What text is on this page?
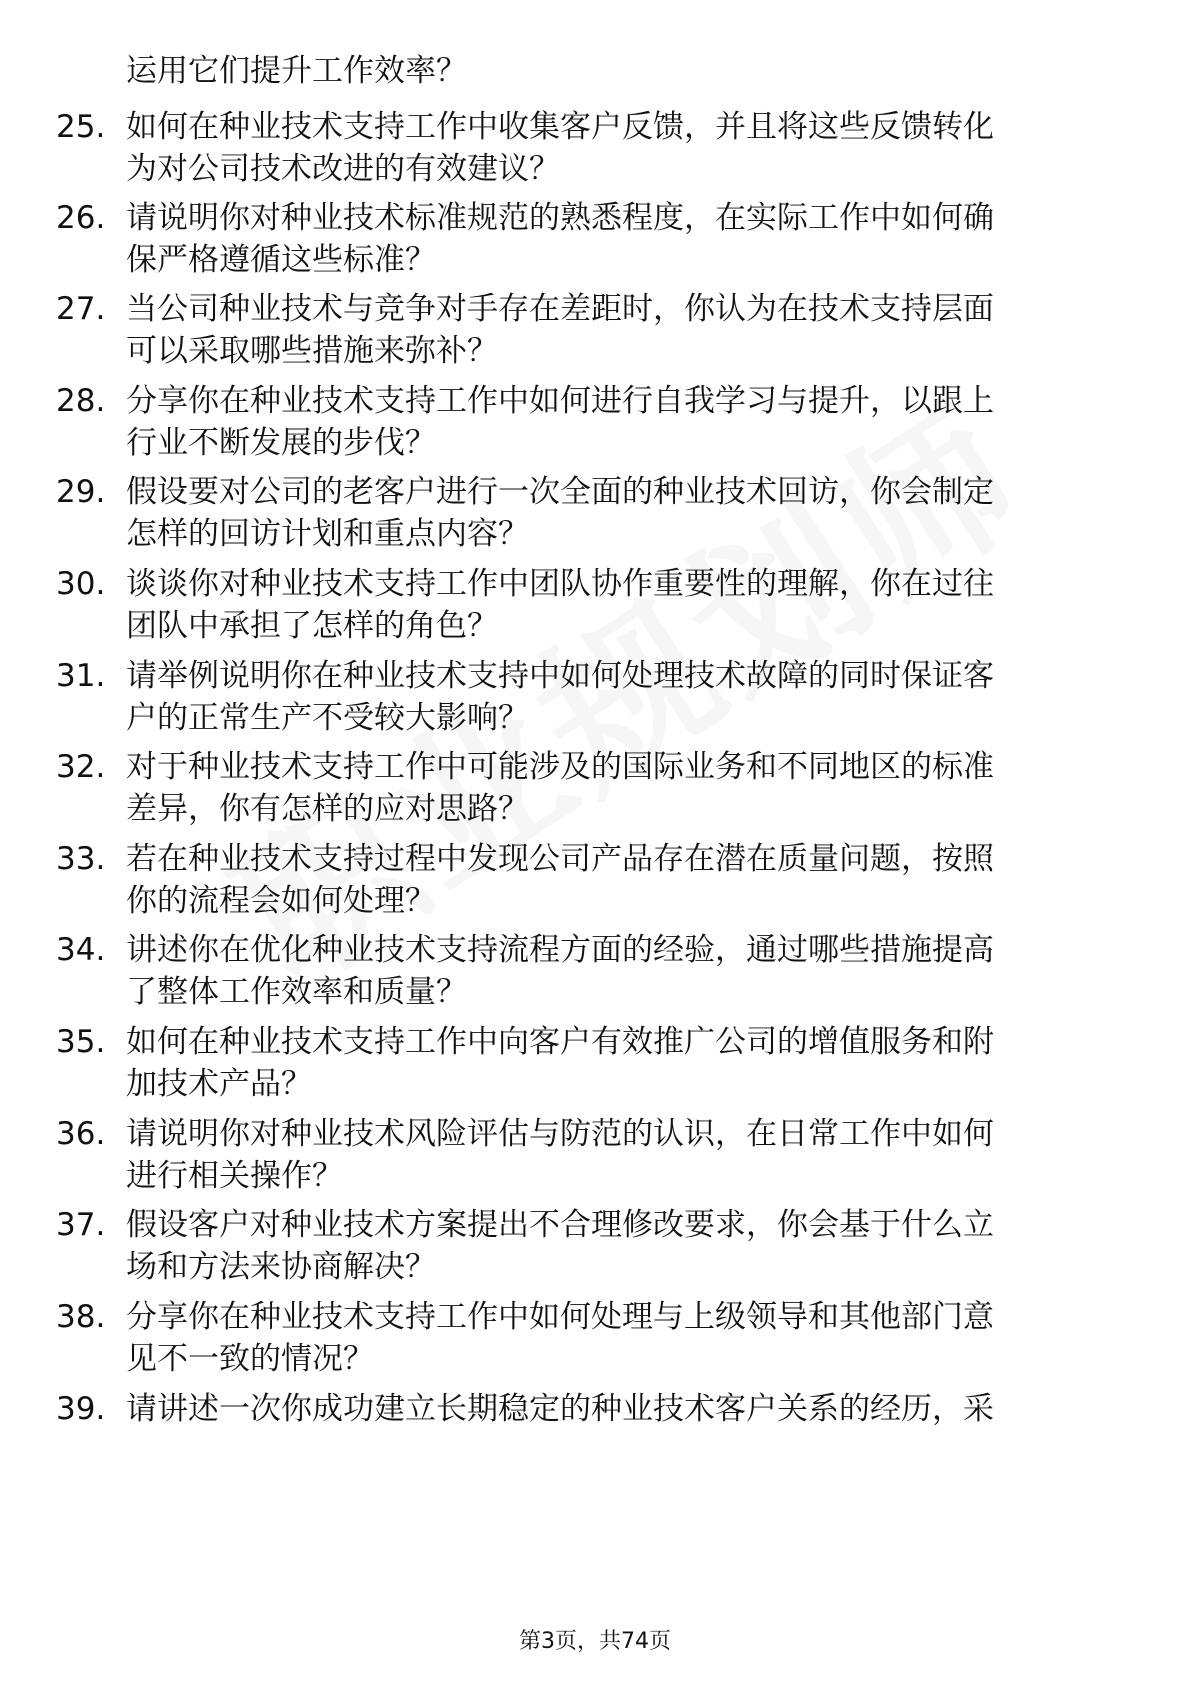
运用它们提升工作效率？
25. 如何在种业技术支持工作中收集客户反馈，并且将这些反馈转化
为对公司技术改进的有效建议？
26. 请说明你对种业技术标准规范的熟悉程度，在实际工作中如何确
保严格遵循这些标准？
27. 当公司种业技术与竞争对手存在差距时，你认为在技术支持层面
可以采取哪些措施来弥补？
28. 分享你在种业技术支持工作中如何进行自我学习与提升，以跟上
行业不断发展的步伐？
29. 假设要对公司的老客户进行一次全面的种业技术回访，你会制定
怎样的回访计划和重点内容？
30. 谈谈你对种业技术支持工作中团队协作重要性的理解，你在过往
团队中承担了怎样的角色？
31. 请举例说明你在种业技术支持中如何处理技术故障的同时保证客
户的正常生产不受较大影响？
32. 对于种业技术支持工作中可能涉及的国际业务和不同地区的标准
差异，你有怎样的应对思路？
33. 若在种业技术支持过程中发现公司产品存在潜在质量问题，按照
你的流程会如何处理？
34. 讲述你在优化种业技术支持流程方面的经验，通过哪些措施提高
了整体工作效率和质量？
35. 如何在种业技术支持工作中向客户有效推广公司的增值服务和附
加技术产品？
36. 请说明你对种业技术风险评估与防范的认识，在日常工作中如何
进行相关操作？
37. 假设客户对种业技术方案提出不合理修改要求，你会基于什么立
场和方法来协商解决？
38. 分享你在种业技术支持工作中如何处理与上级领导和其他部门意
见不一致的情况？
39. 请讲述一次你成功建立长期稳定的种业技术客户关系的经历，采
第3页，共74页
